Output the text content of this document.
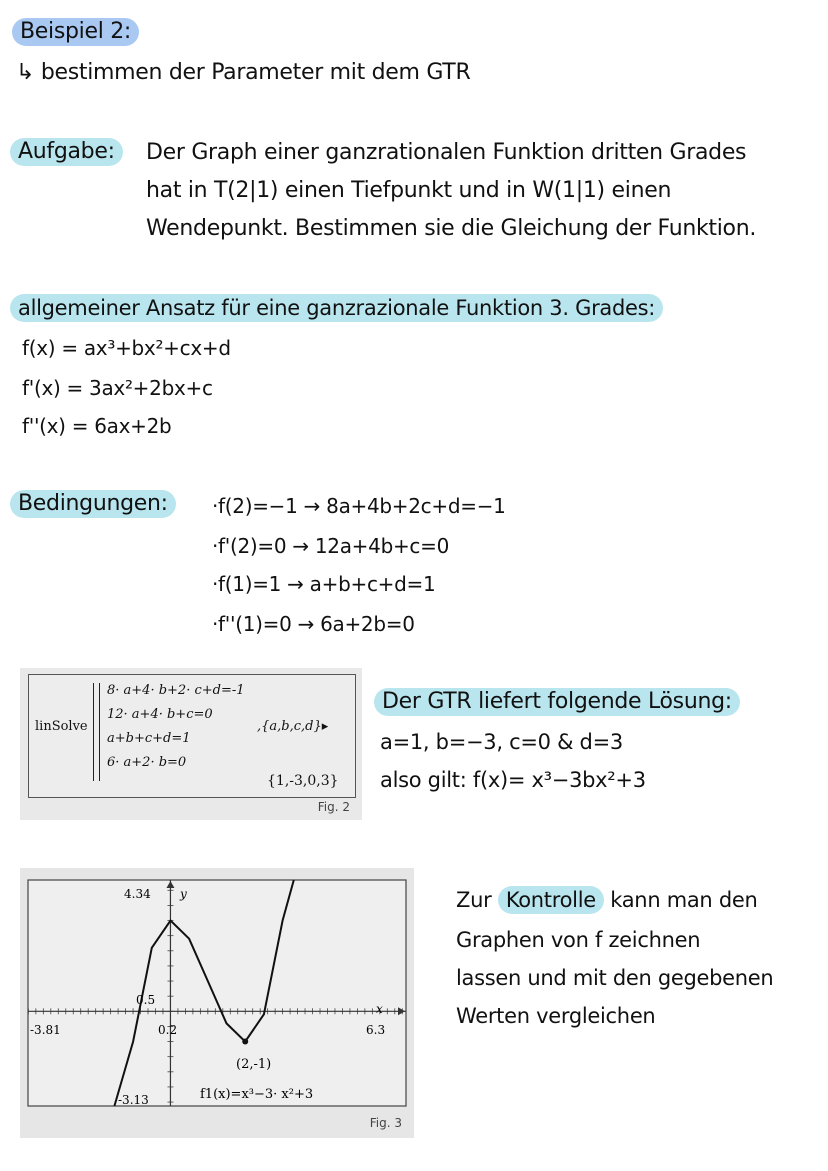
Beispiel 2:
↳ bestimmen der Parameter mit dem GTR
Aufgabe:	Der Graph einer ganzrationalen Funktion dritten Grades
hat in T(2|1) einen Tiefpunkt und in W(1|1) einen
Wendepunkt. Bestimmen sie die Gleichung der Funktion.
allgemeiner Ansatz für eine ganzrazionale Funktion 3. Grades:
f(x) = ax³+bx²+cx+d
f'(x) = 3ax²+2bx+c
f''(x) = 6ax+2b
Bedingungen:	·f(2)=−1 → 8a+4b+2c+d=−1
·f'(2)=0 → 12a+4b+c=0
·f(1)=1 → a+b+c+d=1
·f''(1)=0 → 6a+2b=0
linSolve
8· a+4· b+2· c+d=-1
12· a+4· b+c=0
a+b+c+d=1
6· a+2· b=0
,{a,b,c,d}▸
{1,-3,0,3}
Fig. 2
Der GTR liefert folgende Lösung:
a=1, b=−3, c=0 & d=3
also gilt: f(x)= x³−3bx²+3
4.34 y
x
-3.81	6.3
0.5
0.2
-3.13
(2,-1)
f1(x)=x³−3· x²+3
Fig. 3
Zur Kontrolle kann man den
Graphen von f zeichnen
lassen und mit den gegebenen
Werten vergleichen
